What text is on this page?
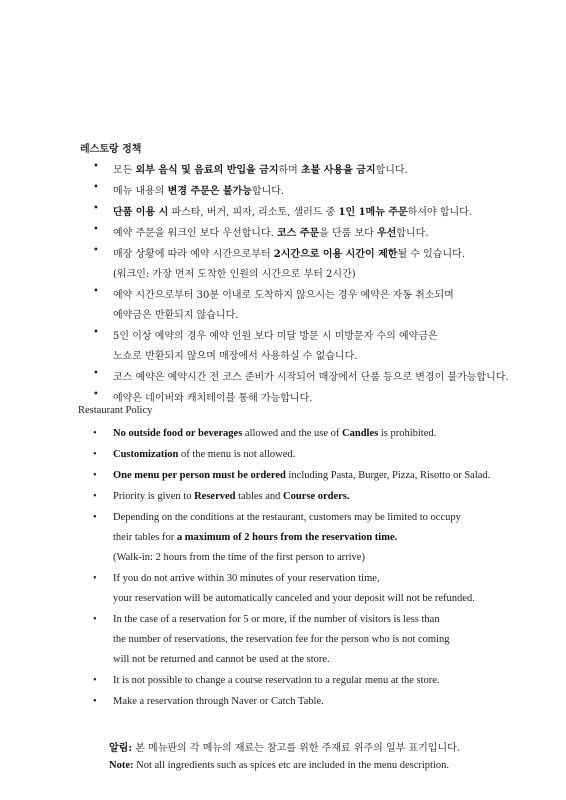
레스토랑 정책
•	모든 외부 음식 및 음료의 반입을 금지하며 초불 사용을 금지합니다.
•	메뉴 내용의 변경 주문은 불가능합니다.
•	단품 이용 시 파스타, 버거, 피자, 리소토, 샐러드 중 1인 1메뉴 주문하셔야 합니다.
•	예약 주문을 워크인 보다 우선합니다. 코스 주문을 단품 보다 우선합니다.
•	매장 상황에 따라 예약 시간으로부터 2시간으로 이용 시간이 제한될 수 있습니다.
(워크인: 가장 먼저 도착한 인원의 시간으로 부터 2시간)
•	예약 시간으로부터 30분 이내로 도착하지 않으시는 경우 예약은 자동 취소되며
예약금은 반환되지 않습니다.
•	5인 이상 예약의 경우 예약 인원 보다 미달 방문 시 미방문자 수의 예약금은
노쇼로 반환되지 않으며 매장에서 사용하실 수 없습니다.
•	코스 예약은 예약시간 전 코스 준비가 시작되어 매장에서 단품 등으로 변경이 불가능합니다.
•	예약은 네이버와 캐치테이블 통해 가능합니다.
Restaurant Policy
•	No outside food or beverages allowed and the use of Candles is prohibited.
•	Customization of the menu is not allowed.
•	One menu per person must be ordered including Pasta, Burger, Pizza, Risotto or Salad.
•	Priority is given to Reserved tables and Course orders.
•	Depending on the conditions at the restaurant, customers may be limited to occupy
their tables for a maximum of 2 hours from the reservation time.
(Walk-in: 2 hours from the time of the first person to arrive)
•	If you do not arrive within 30 minutes of your reservation time,
your reservation will be automatically canceled and your deposit will not be refunded.
•	In the case of a reservation for 5 or more, if the number of visitors is less than
the number of reservations, the reservation fee for the person who is not coming
will not be returned and cannot be used at the store.
•	It is not possible to change a course reservation to a regular menu at the store.
•	Make a reservation through Naver or Catch Table.
알림: 본 메뉴판의 각 메뉴의 재료는 참고를 위한 주재료 위주의 일부 표기입니다.
Note: Not all ingredients such as spices etc are included in the menu description.
